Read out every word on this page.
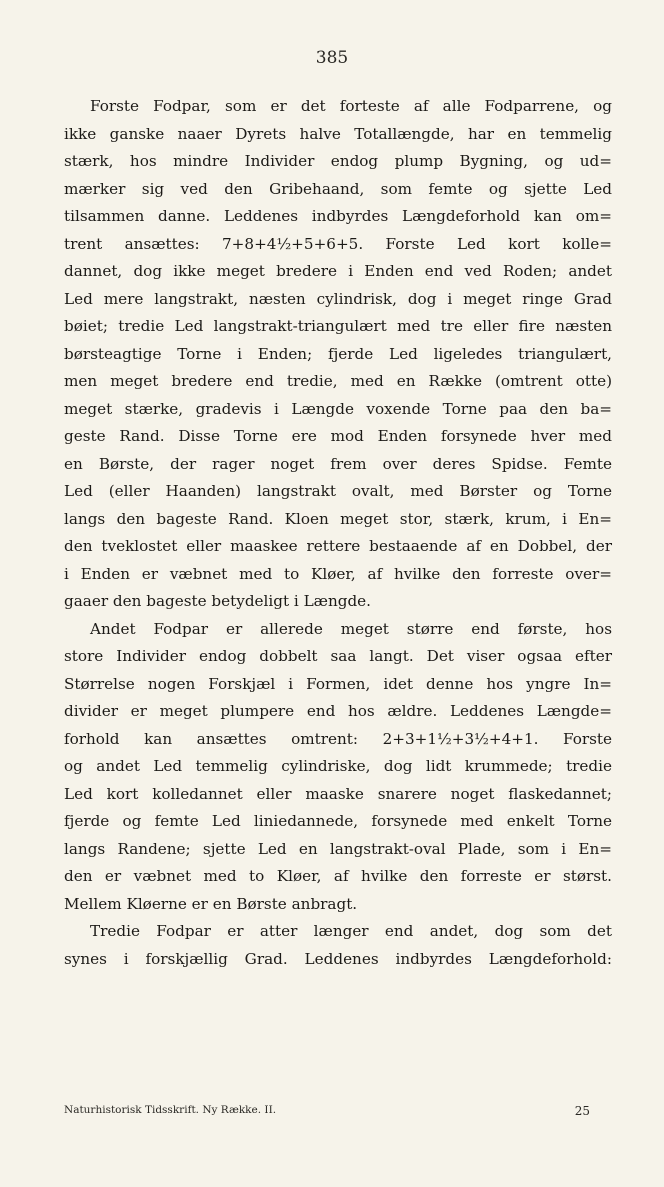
385
Forste Fodpar, som er det forteste af alle Fodparrene, og
ikke ganske naaer Dyrets halve Totallængde, har en temmelig
stærk, hos mindre Individer endog plump Bygning, og ud=
mærker sig ved den Gribehaand, som femte og sjette Led
tilsammen danne. Leddenes indbyrdes Længdeforhold kan om=
trent ansættes: 7+8+4½+5+6+5. Forste Led kort kolle=
dannet, dog ikke meget bredere i Enden end ved Roden; andet
Led mere langstrakt, næsten cylindrisk, dog i meget ringe Grad
bøiet; tredie Led langstrakt-triangulært med tre eller fire næsten
børsteagtige Torne i Enden; fjerde Led ligeledes triangulært,
men meget bredere end tredie, med en Række (omtrent otte)
meget stærke, gradevis i Længde voxende Torne paa den ba=
geste Rand. Disse Torne ere mod Enden forsynede hver med
en Børste, der rager noget frem over deres Spidse. Femte
Led (eller Haanden) langstrakt ovalt, med Børster og Torne
langs den bageste Rand. Kloen meget stor, stærk, krum, i En=
den tveklostet eller maaskee rettere bestaaende af en Dobbel, der
i Enden er væbnet med to Kløer, af hvilke den forreste over=
gaaer den bageste betydeligt i Længde.
Andet Fodpar er allerede meget større end første, hos
store Individer endog dobbelt saa langt. Det viser ogsaa efter
Størrelse nogen Forskjæl i Formen, idet denne hos yngre In=
divider er meget plumpere end hos ældre. Leddenes Længde=
forhold kan ansættes omtrent: 2+3+1½+3½+4+1. Forste
og andet Led temmelig cylindriske, dog lidt krummede; tredie
Led kort kolledannet eller maaske snarere noget flaskedannet;
fjerde og femte Led liniedannede, forsynede med enkelt Torne
langs Randene; sjette Led en langstrakt-oval Plade, som i En=
den er væbnet med to Kløer, af hvilke den forreste er størst.
Mellem Kløerne er en Børste anbragt.
Tredie Fodpar er atter længer end andet, dog som det
synes i forskjællig Grad. Leddenes indbyrdes Længdeforhold:
Naturhistorisk Tidsskrift. Ny Række. II.	25
